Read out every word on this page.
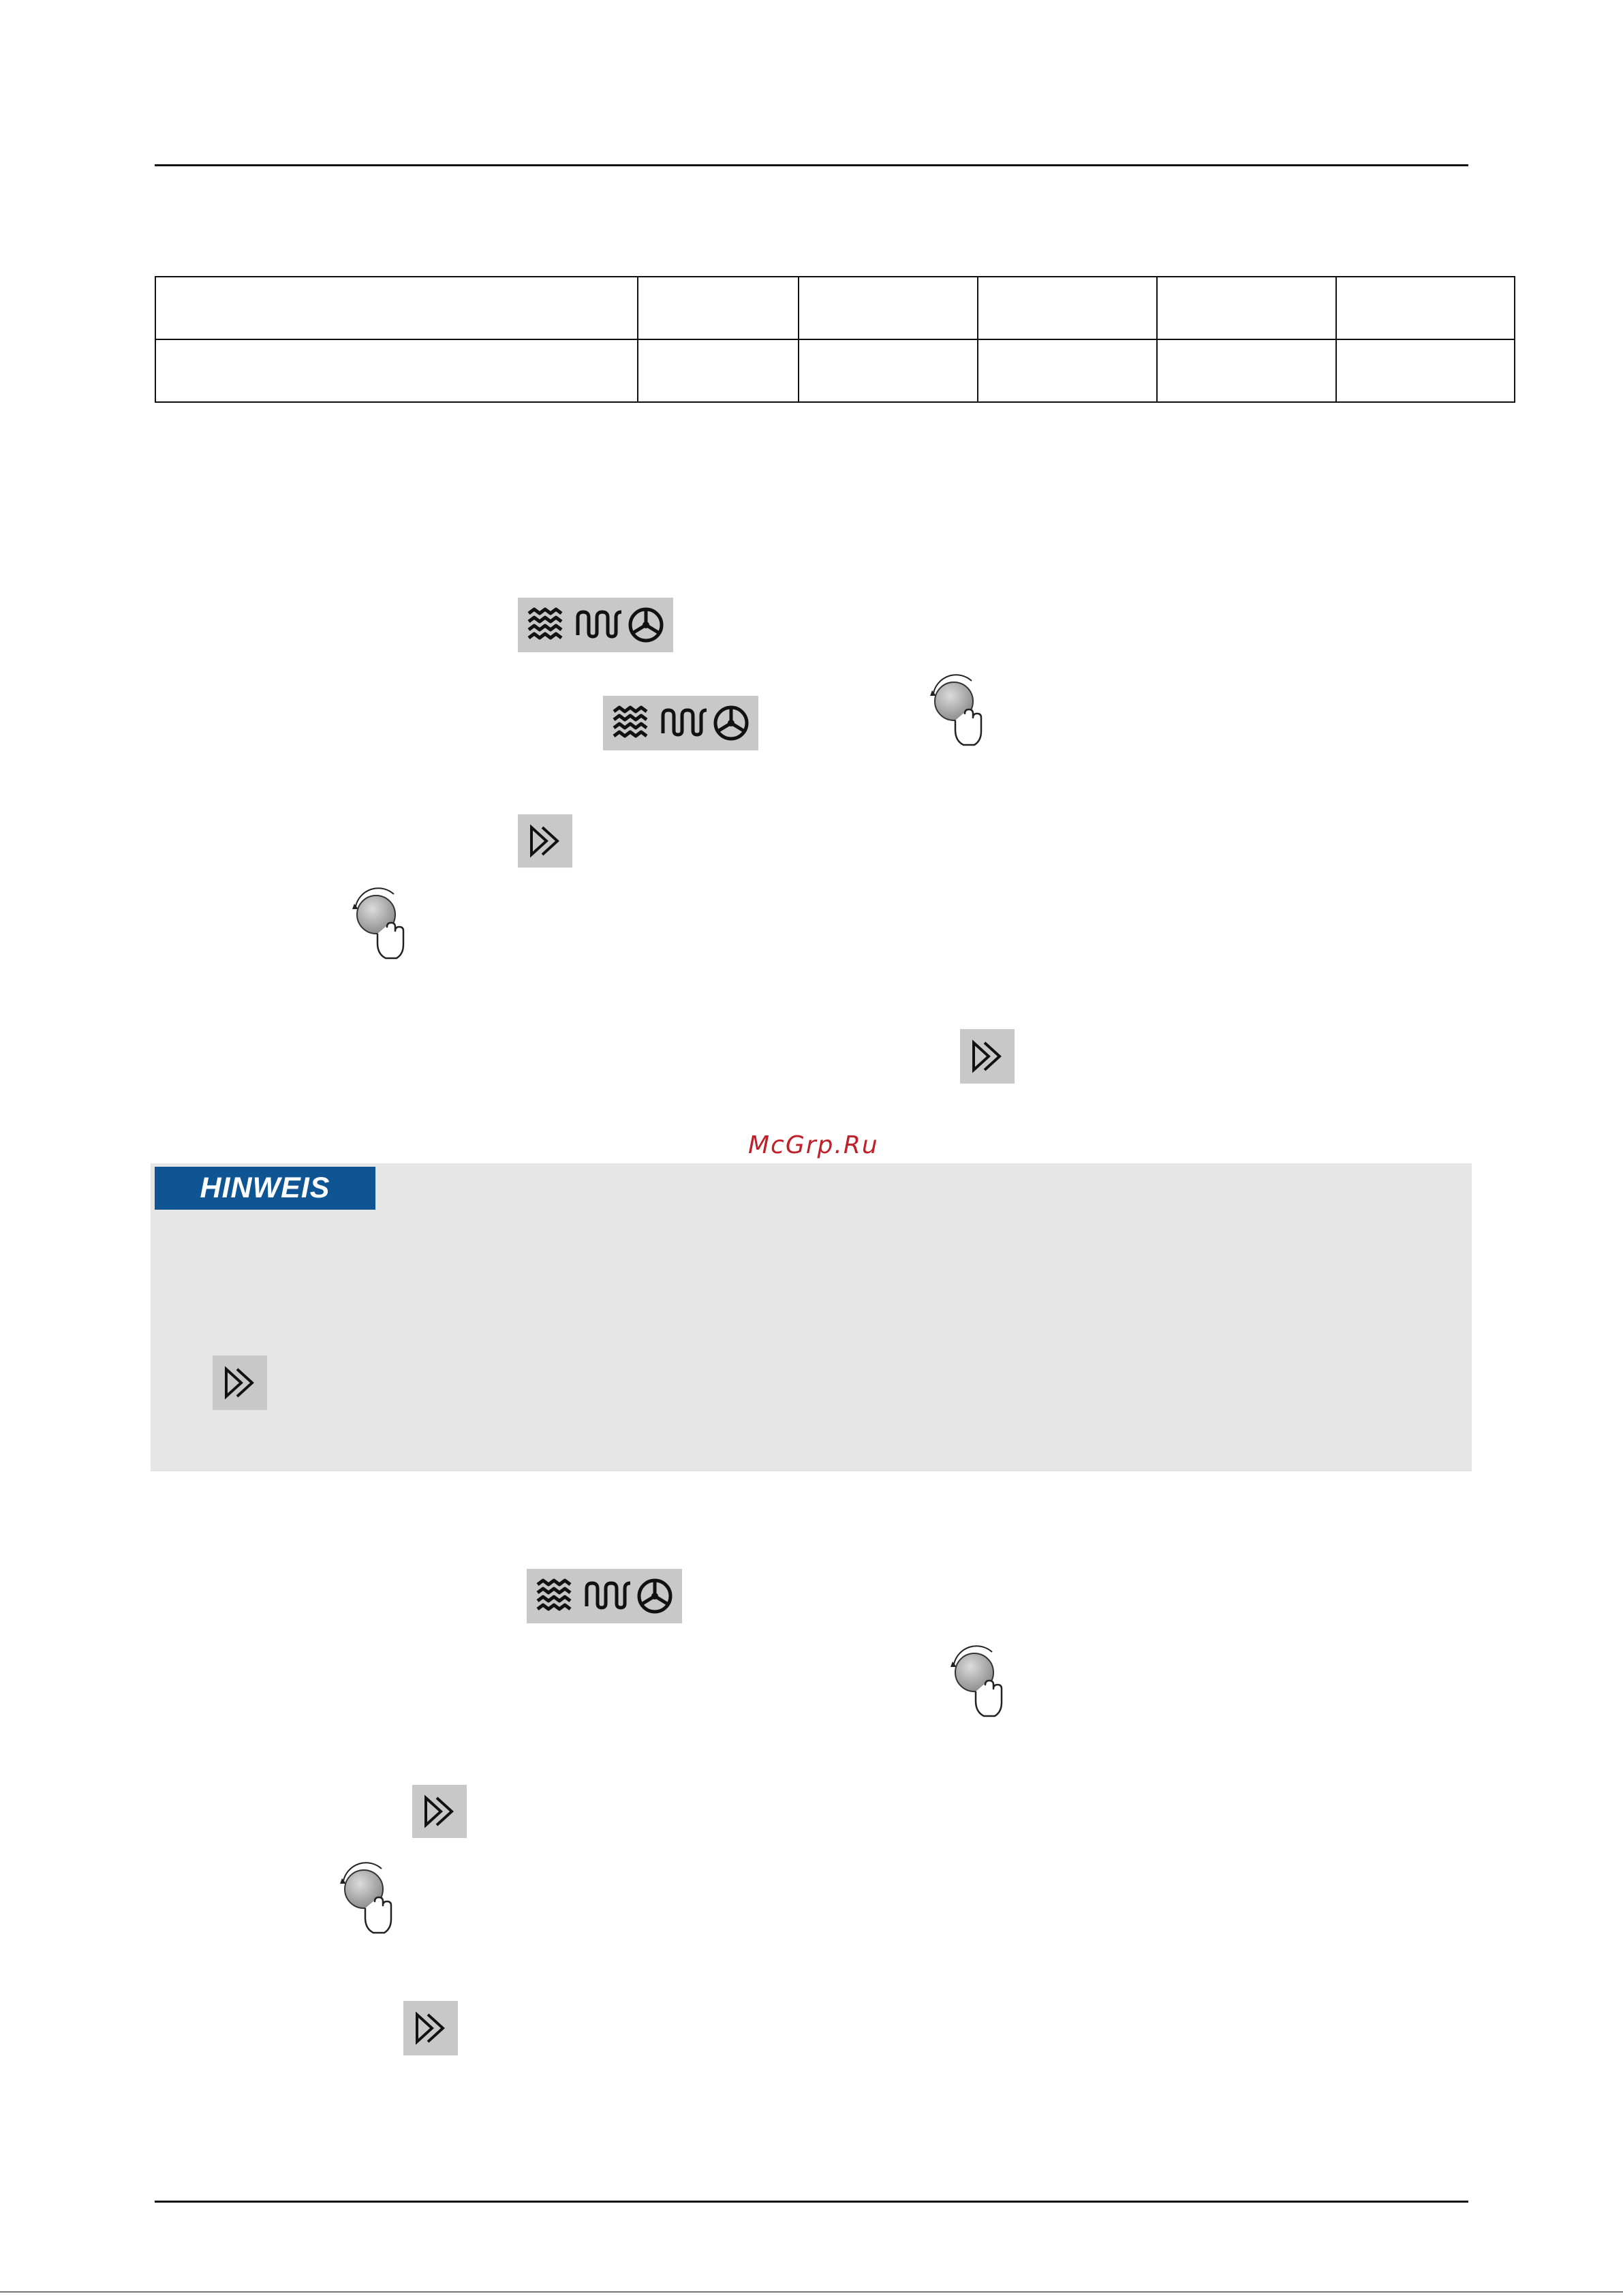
McGrp.Ru
HINWEIS
